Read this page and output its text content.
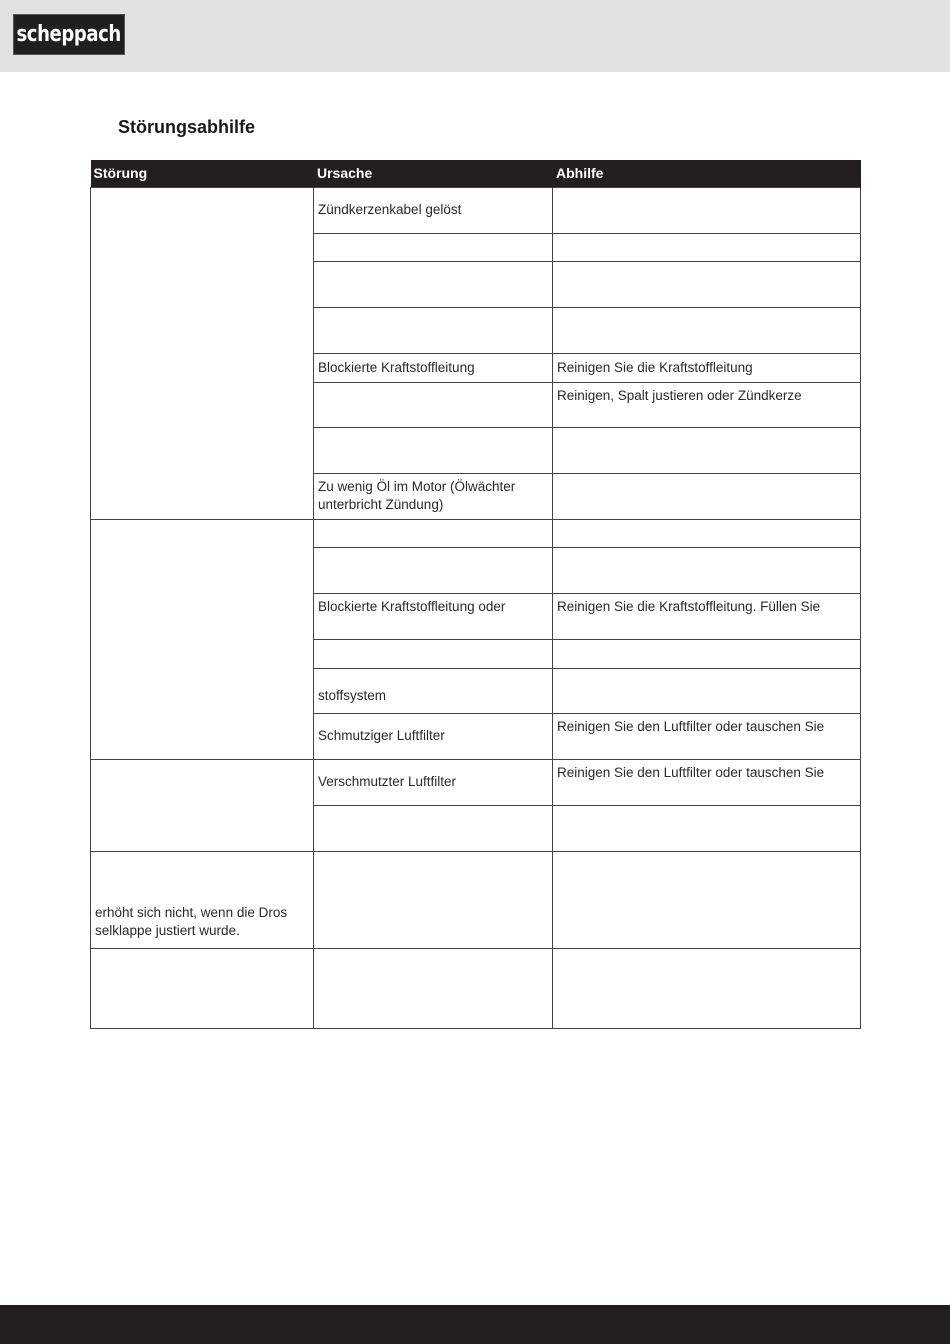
scheppach
Störungsabhilfe
Störung	Ursache	Abhilfe
	Zündkerzenkabel gelöst	

	Blockierte Kraftstoffleitung	Reinigen Sie die Kraftstoffleitung
		Reinigen, Spalt justieren oder Zündkerze

	Zu wenig Öl im Motor (Ölwächter unterbricht Zündung)	

	Blockierte Kraftstoffleitung oder	Reinigen Sie die Kraftstoffleitung. Füllen Sie

	stoffsystem	
	Schmutziger Luftfilter	Reinigen Sie den Luftfilter oder tauschen Sie
	Verschmutzter Luftfilter	Reinigen Sie den Luftfilter oder tauschen Sie

erhöht sich nicht, wenn die Dros selklappe justiert wurde.		
